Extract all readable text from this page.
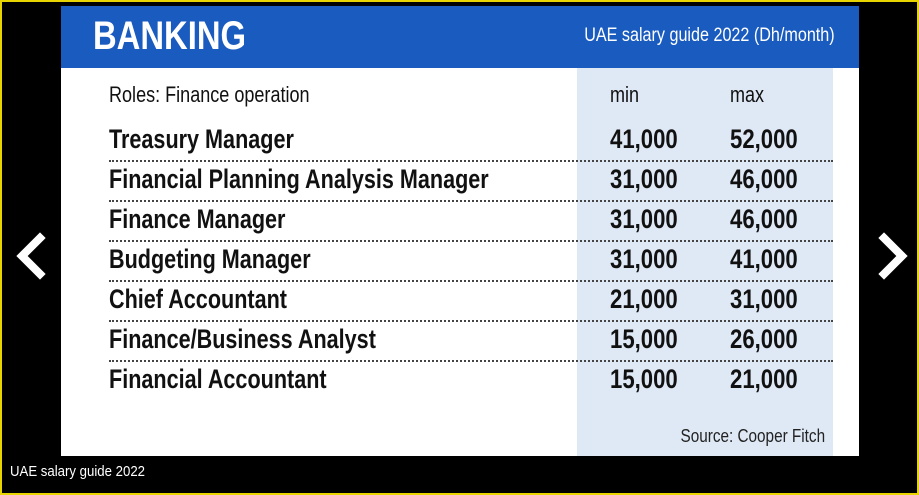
BANKING	UAE salary guide 2022 (Dh/month)
Roles: Finance operation	min	max
Treasury Manager	41,000 52,000
Financial Planning Analysis Manager	31,000 46,000
Finance Manager	31,000 46,000
Budgeting Manager	31,000 41,000
Chief Accountant	21,000 31,000
Finance/Business Analyst	15,000 26,000
Financial Accountant	15,000 21,000
Source: Cooper Fitch
UAE salary guide 2022
